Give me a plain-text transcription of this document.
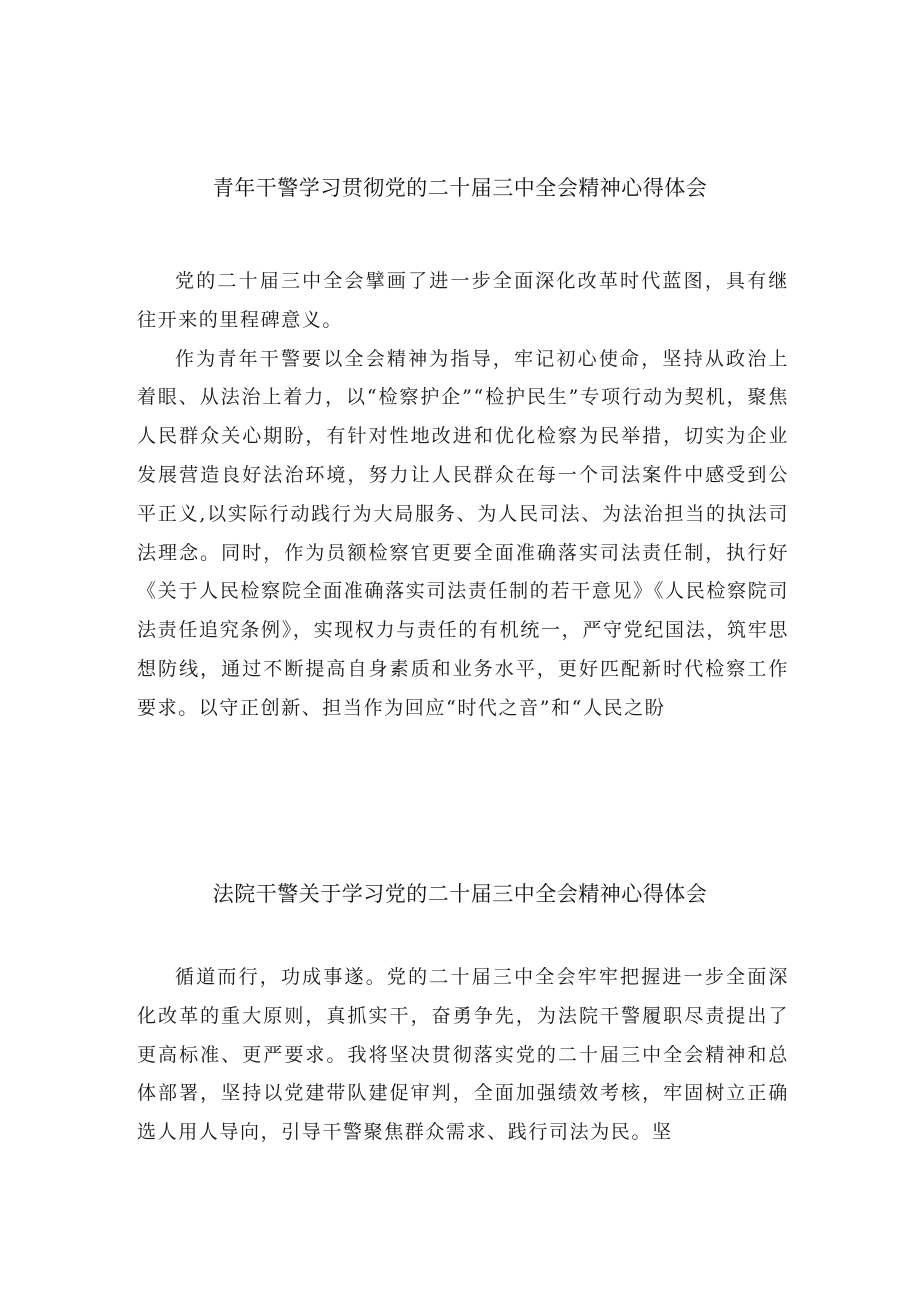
青年干警学习贯彻党的二十届三中全会精神心得体会

党的二十届三中全会擘画了进一步全面深化改革时代蓝图，具有继往开来的里程碑意义。

作为青年干警要以全会精神为指导，牢记初心使命，坚持从政治上着眼、从法治上着力，以“检察护企”“检护民生”专项行动为契机，聚焦人民群众关心期盼，有针对性地改进和优化检察为民举措，切实为企业发展营造良好法治环境，努力让人民群众在每一个司法案件中感受到公平正义,以实际行动践行为大局服务、为人民司法、为法治担当的执法司法理念。同时，作为员额检察官更要全面准确落实司法责任制，执行好《关于人民检察院全面准确落实司法责任制的若干意见》《人民检察院司法责任追究条例》，实现权力与责任的有机统一，严守党纪国法，筑牢思想防线，通过不断提高自身素质和业务水平，更好匹配新时代检察工作要求。以守正创新、担当作为回应“时代之音”和“人民之盼

法院干警关于学习党的二十届三中全会精神心得体会

循道而行，功成事遂。党的二十届三中全会牢牢把握进一步全面深化改革的重大原则，真抓实干，奋勇争先，为法院干警履职尽责提出了更高标准、更严要求。我将坚决贯彻落实党的二十届三中全会精神和总体部署，坚持以党建带队建促审判，全面加强绩效考核，牢固树立正确选人用人导向，引导干警聚焦群众需求、践行司法为民。坚
